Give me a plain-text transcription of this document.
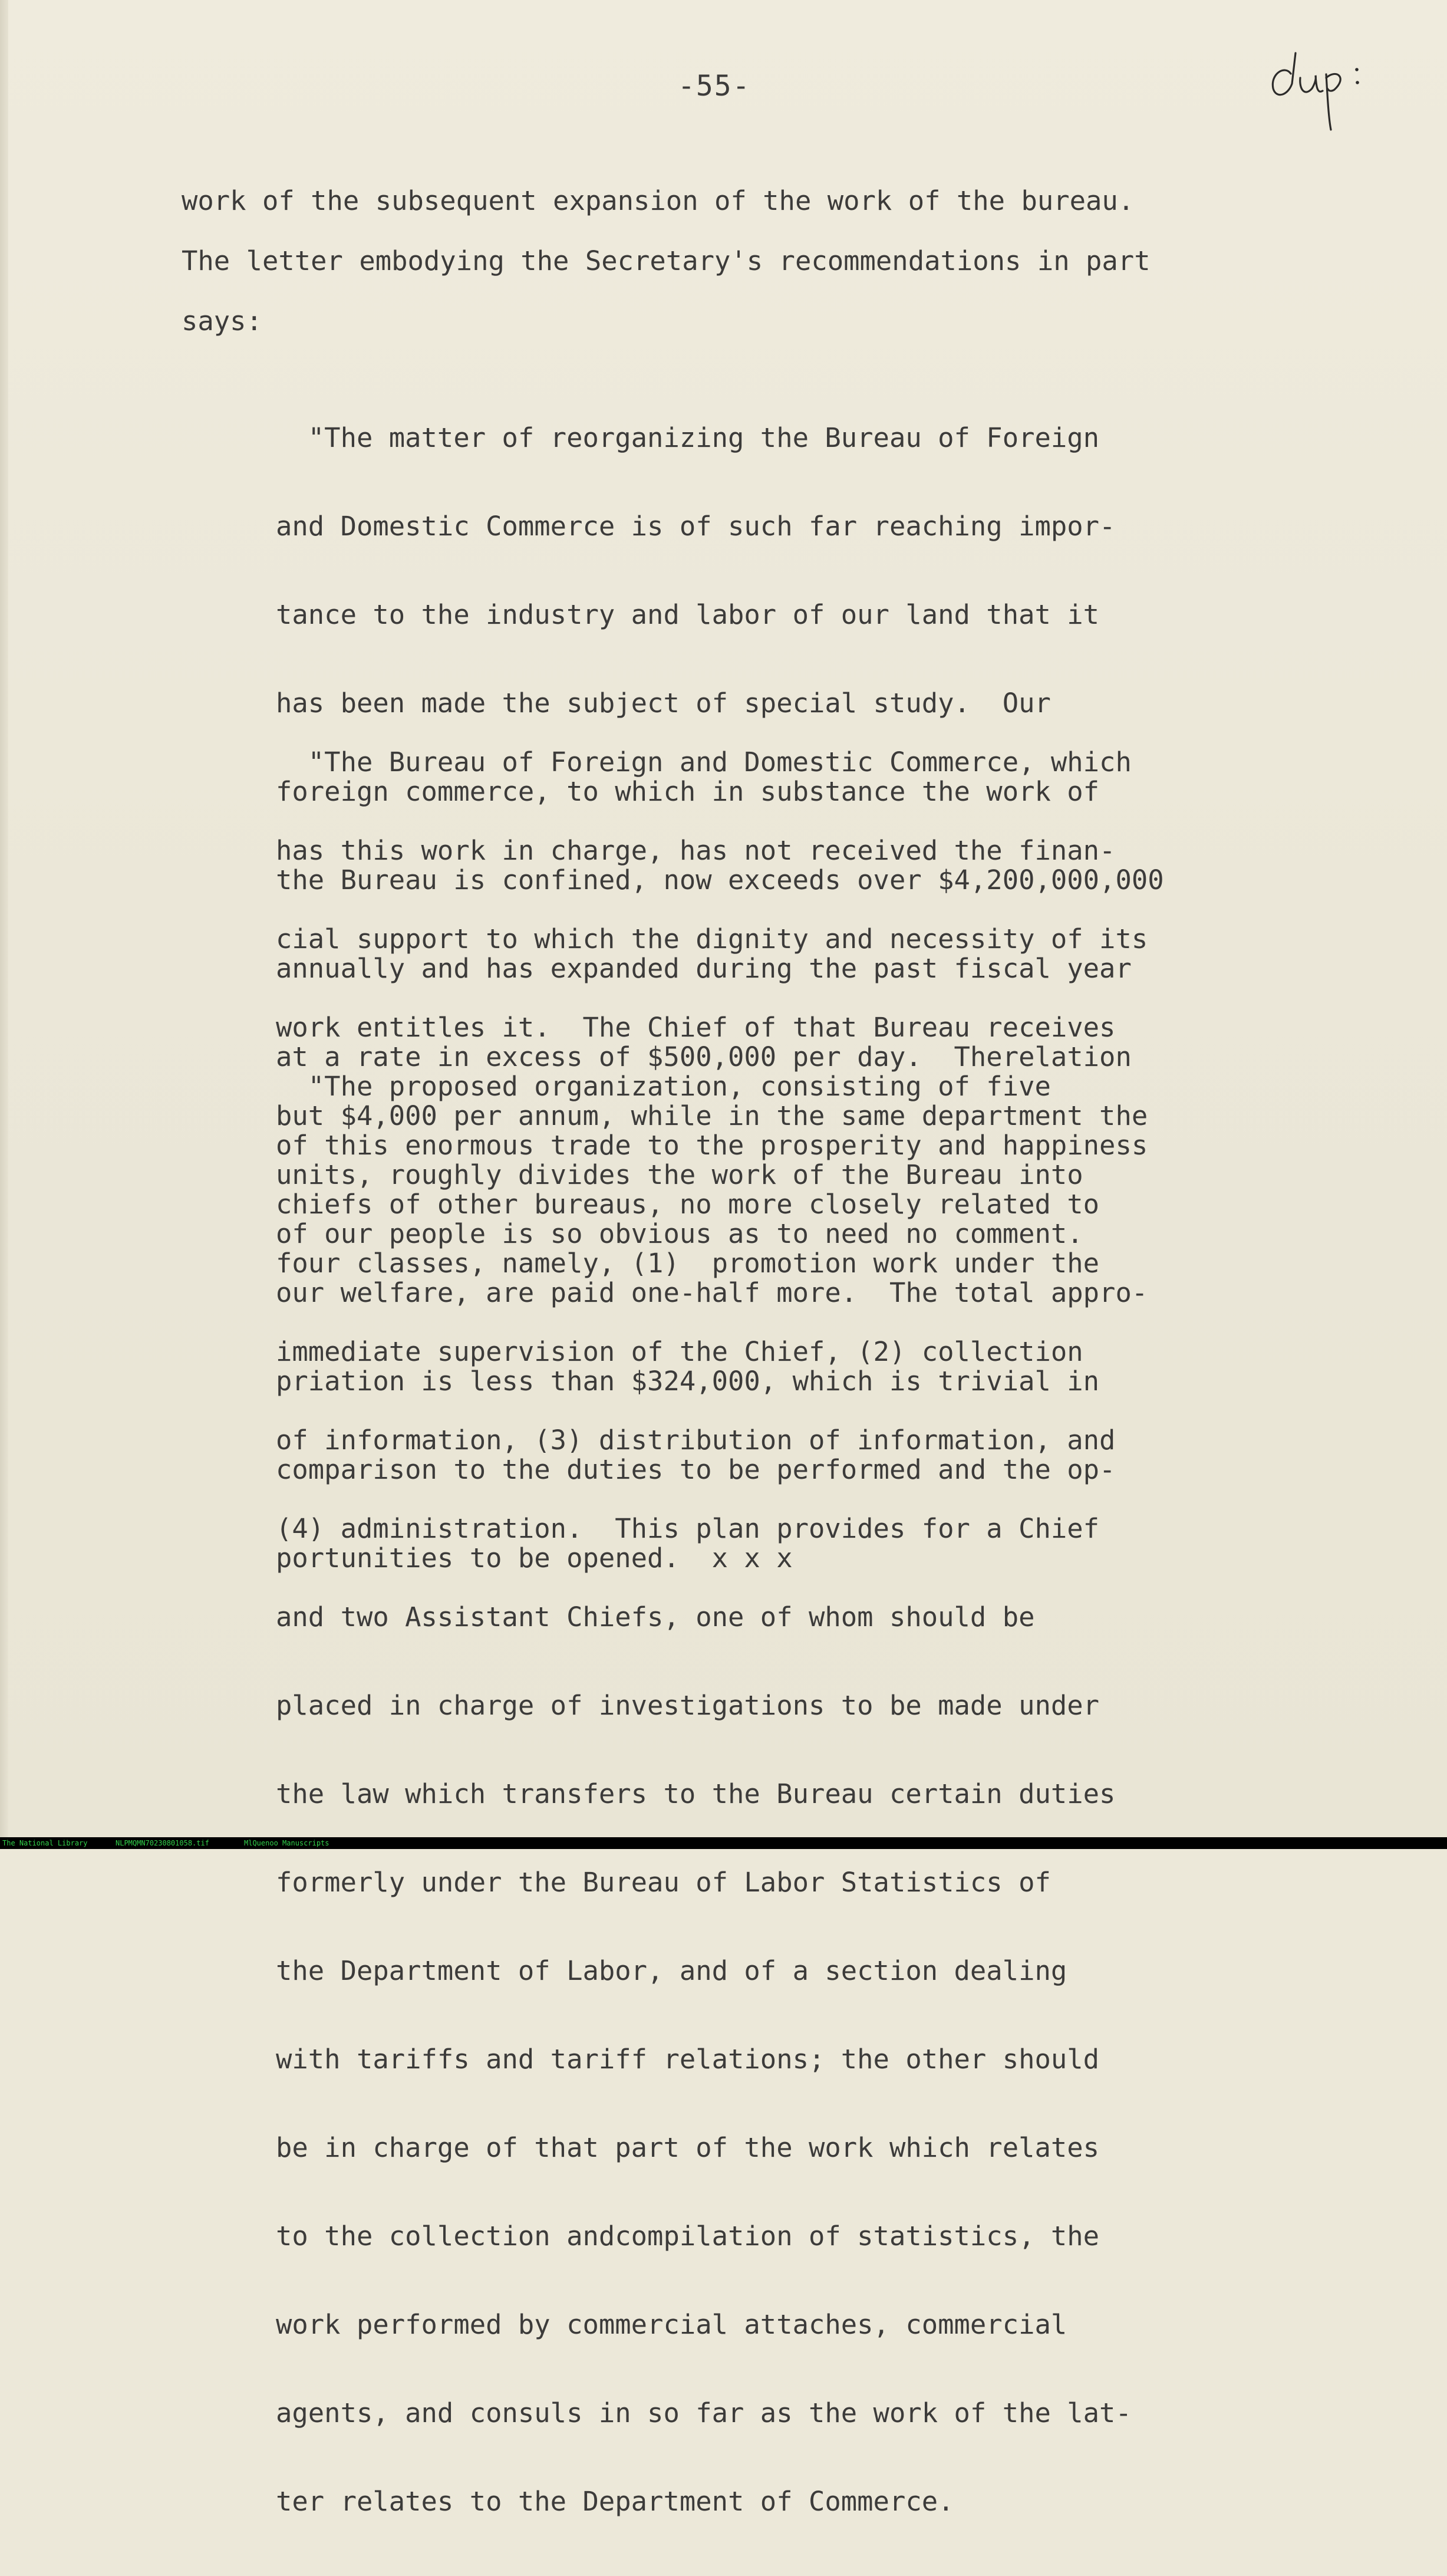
-55-
work of the subsequent expansion of the work of the bureau.
The letter embodying the Secretary's recommendations in part
says:

"The matter of reorganizing the Bureau of Foreign

and Domestic Commerce is of such far reaching impor-

tance to the industry and labor of our land that it

has been made the subject of special study.  Our

foreign commerce, to which in substance the work of

the Bureau is confined, now exceeds over $4,200,000,000

annually and has expanded during the past fiscal year

at a rate in excess of $500,000 per day.  Therelation

of this enormous trade to the prosperity and happiness

of our people is so obvious as to need no comment.

"The Bureau of Foreign and Domestic Commerce, which

has this work in charge, has not received the finan-

cial support to which the dignity and necessity of its

work entitles it.  The Chief of that Bureau receives

but $4,000 per annum, while in the same department the

chiefs of other bureaus, no more closely related to

our welfare, are paid one-half more.  The total appro-

priation is less than $324,000, which is trivial in

comparison to the duties to be performed and the op-

portunities to be opened.  x x x

"The proposed organization, consisting of five

units, roughly divides the work of the Bureau into

four classes, namely, (1)  promotion work under the

immediate supervision of the Chief, (2) collection

of information, (3) distribution of information, and

(4) administration.  This plan provides for a Chief

and two Assistant Chiefs, one of whom should be

placed in charge of investigations to be made under

the law which transfers to the Bureau certain duties

formerly under the Bureau of Labor Statistics of

the Department of Labor, and of a section dealing

with tariffs and tariff relations; the other should

be in charge of that part of the work which relates

to the collection andcompilation of statistics, the

work performed by commercial attaches, commercial

agents, and consuls in so far as the work of the lat-

ter relates to the Department of Commerce.

The National Library	NLPMQMN70230801058.tif	MlQuenoo Manuscripts
